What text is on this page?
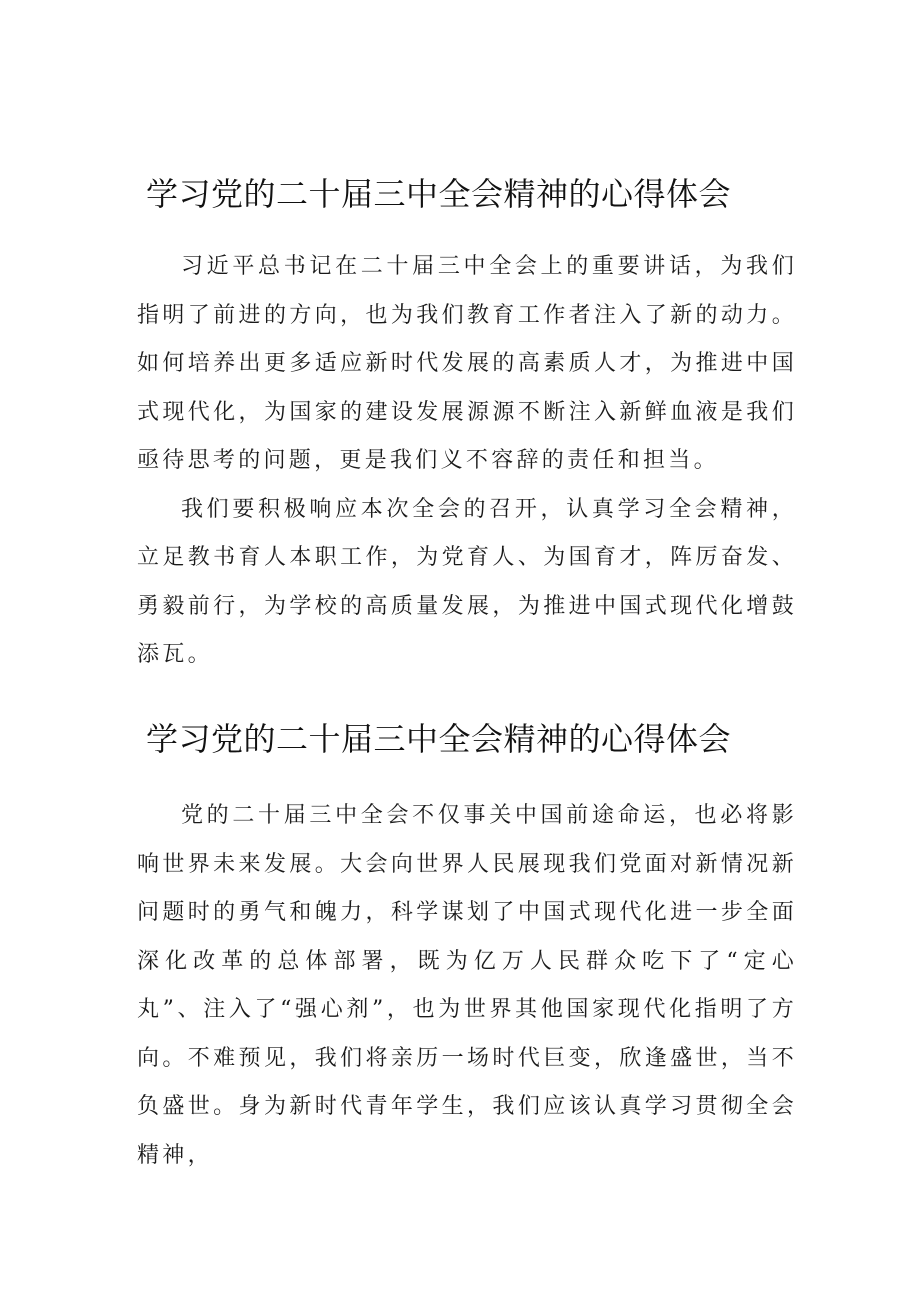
学习党的二十届三中全会精神的心得体会

习近平总书记在二十届三中全会上的重要讲话，为我们指明了前进的方向，也为我们教育工作者注入了新的动力。如何培养出更多适应新时代发展的高素质人才，为推进中国式现代化，为国家的建设发展源源不断注入新鲜血液是我们亟待思考的问题，更是我们义不容辞的责任和担当。

我们要积极响应本次全会的召开，认真学习全会精神，立足教书育人本职工作，为党育人、为国育才，阵厉奋发、勇毅前行，为学校的高质量发展，为推进中国式现代化增鼓添瓦。

学习党的二十届三中全会精神的心得体会

党的二十届三中全会不仅事关中国前途命运，也必将影响世界未来发展。大会向世界人民展现我们党面对新情况新问题时的勇气和魄力，科学谋划了中国式现代化进一步全面深化改革的总体部署，既为亿万人民群众吃下了“定心丸”、注入了“强心剂”，也为世界其他国家现代化指明了方向。不难预见，我们将亲历一场时代巨变，欣逢盛世，当不负盛世。身为新时代青年学生，我们应该认真学习贯彻全会精神，
